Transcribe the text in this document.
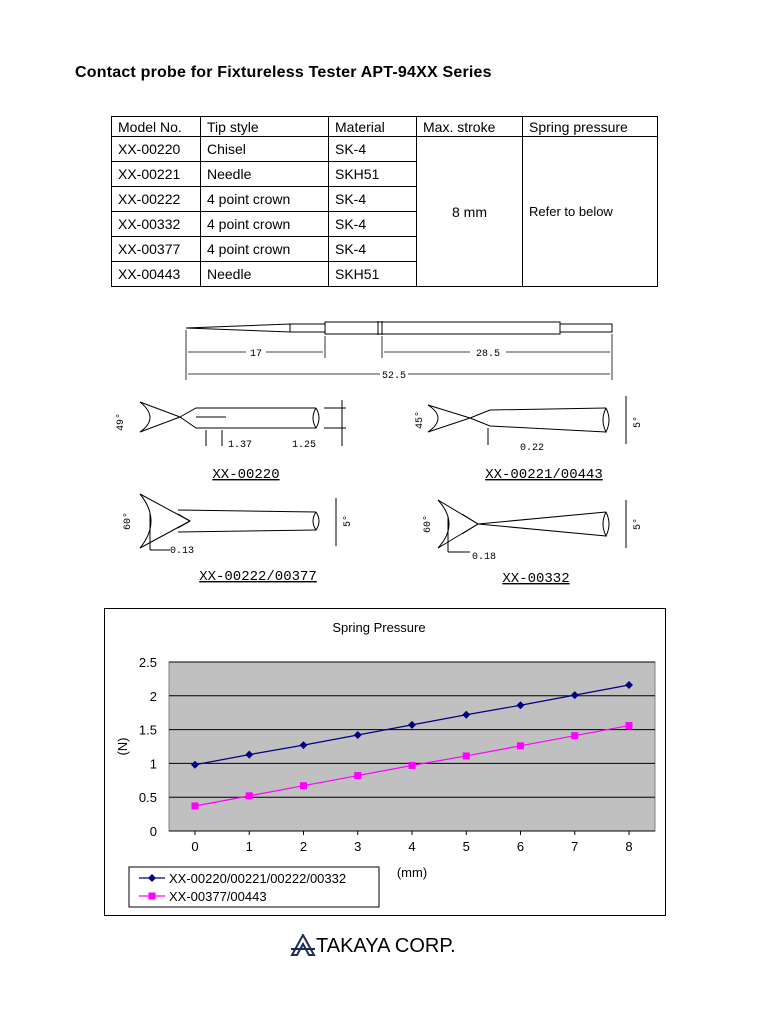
Contact probe for Fixtureless Tester APT-94XX Series
Model No.	Tip style	Material	Max. stroke	Spring pressure
XX-00220	Chisel	SK-4	8 mm	Refer to below
XX-00221	Needle	SKH51		
XX-00222	4 point crown	SK-4		
XX-00332	4 point crown	SK-4		
XX-00377	4 point crown	SK-4		
XX-00443	Needle	SKH51		
17	28.5
52.5
49°
1.37	1.25
XX-00220
45°
0.22
5°
XX-00221/00443
60°
0.13
5°
XX-00222/00377
60°
0.18
5°
XX-00332
0
0.5
1
1.5
2
2.5
0	1	2	3	4	5	6	7	8
Spring Pressure
(N)
(mm)
XX-00220/00221/00222/00332
XX-00377/00443
TAKAYA CORP.
